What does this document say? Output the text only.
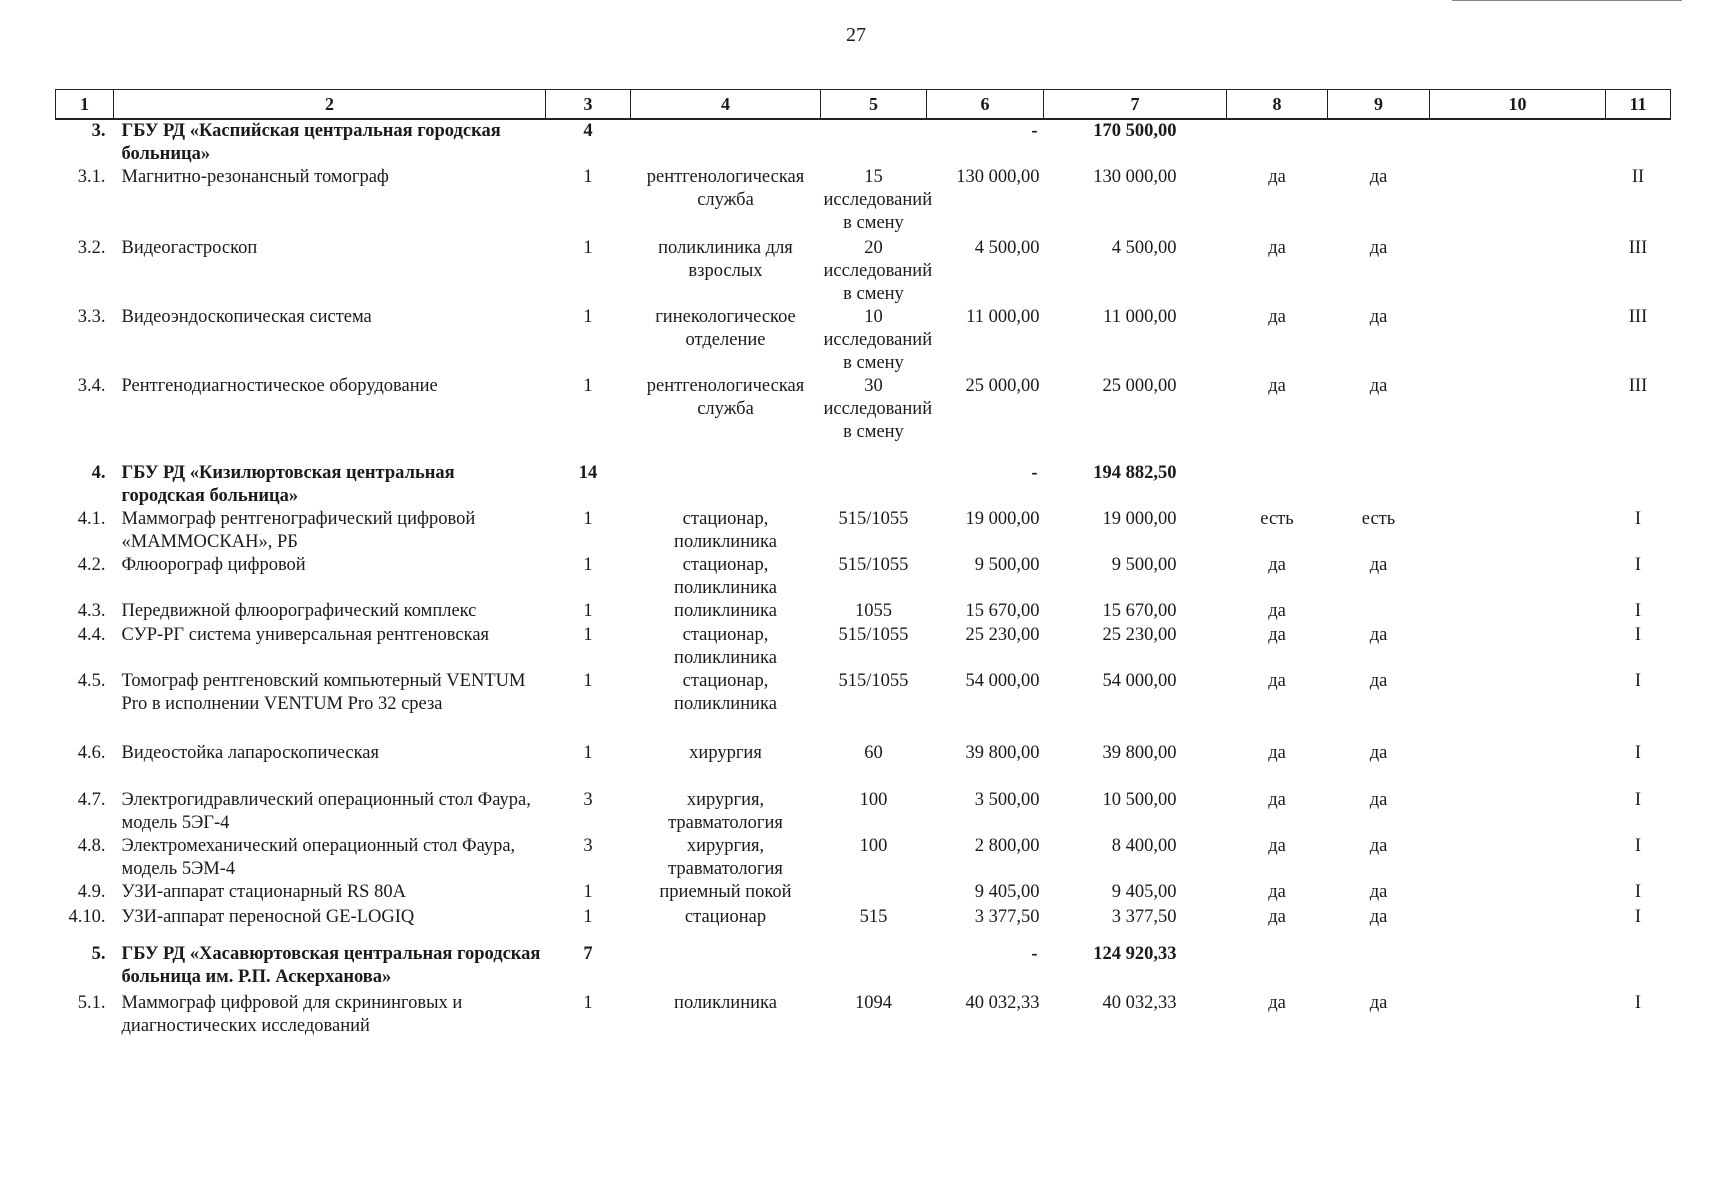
27
1	2	3	4	5	6	7	8	9	10	11
3.	ГБУ РД «Каспийская центральная городская больница»	4			-	170 500,00				
3.1.	Магнитно-резонансный томограф	1	рентгенологическая служба	15 исследований в смену	130 000,00	130 000,00	да	да		II
3.2.	Видеогастроскоп	1	поликлиника для взрослых	20 исследований в смену	4 500,00	4 500,00	да	да		III
3.3.	Видеоэндоскопическая система	1	гинекологическое отделение	10 исследований в смену	11 000,00	11 000,00	да	да		III
3.4.	Рентгенодиагностическое оборудование	1	рентгенологическая служба	30 исследований в смену	25 000,00	25 000,00	да	да		III
4.	ГБУ РД «Кизилюртовская центральная городская больница»	14			-	194 882,50				
4.1.	Маммограф рентгенографический цифровой «МАММОСКАН», РБ	1	стационар, поликлиника	515/1055	19 000,00	19 000,00	есть	есть		I
4.2.	Флюорограф цифровой	1	стационар, поликлиника	515/1055	9 500,00	9 500,00	да	да		I
4.3.	Передвижной флюорографический комплекс	1	поликлиника	1055	15 670,00	15 670,00	да			I
4.4.	СУР-РГ система универсальная рентгеновская	1	стационар, поликлиника	515/1055	25 230,00	25 230,00	да	да		I
4.5.	Томограф рентгеновский компьютерный VENTUM Pro в исполнении VENTUM Pro 32 среза	1	стационар, поликлиника	515/1055	54 000,00	54 000,00	да	да		I
4.6.	Видеостойка лапароскопическая	1	хирургия	60	39 800,00	39 800,00	да	да		I
4.7.	Электрогидравлический операционный стол Фаура, модель 5ЭГ-4	3	хирургия, травматология	100	3 500,00	10 500,00	да	да		I
4.8.	Электромеханический операционный стол Фаура, модель 5ЭМ-4	3	хирургия, травматология	100	2 800,00	8 400,00	да	да		I
4.9.	УЗИ-аппарат стационарный RS 80A	1	приемный покой		9 405,00	9 405,00	да	да		I
4.10.	УЗИ-аппарат переносной GE-LOGIQ	1	стационар	515	3 377,50	3 377,50	да	да		I
5.	ГБУ РД «Хасавюртовская центральная городская больница им. Р.П. Аскерханова»	7			-	124 920,33				
5.1.	Маммограф цифровой для скрининговых и диагностических исследований	1	поликлиника	1094	40 032,33	40 032,33	да	да		I
